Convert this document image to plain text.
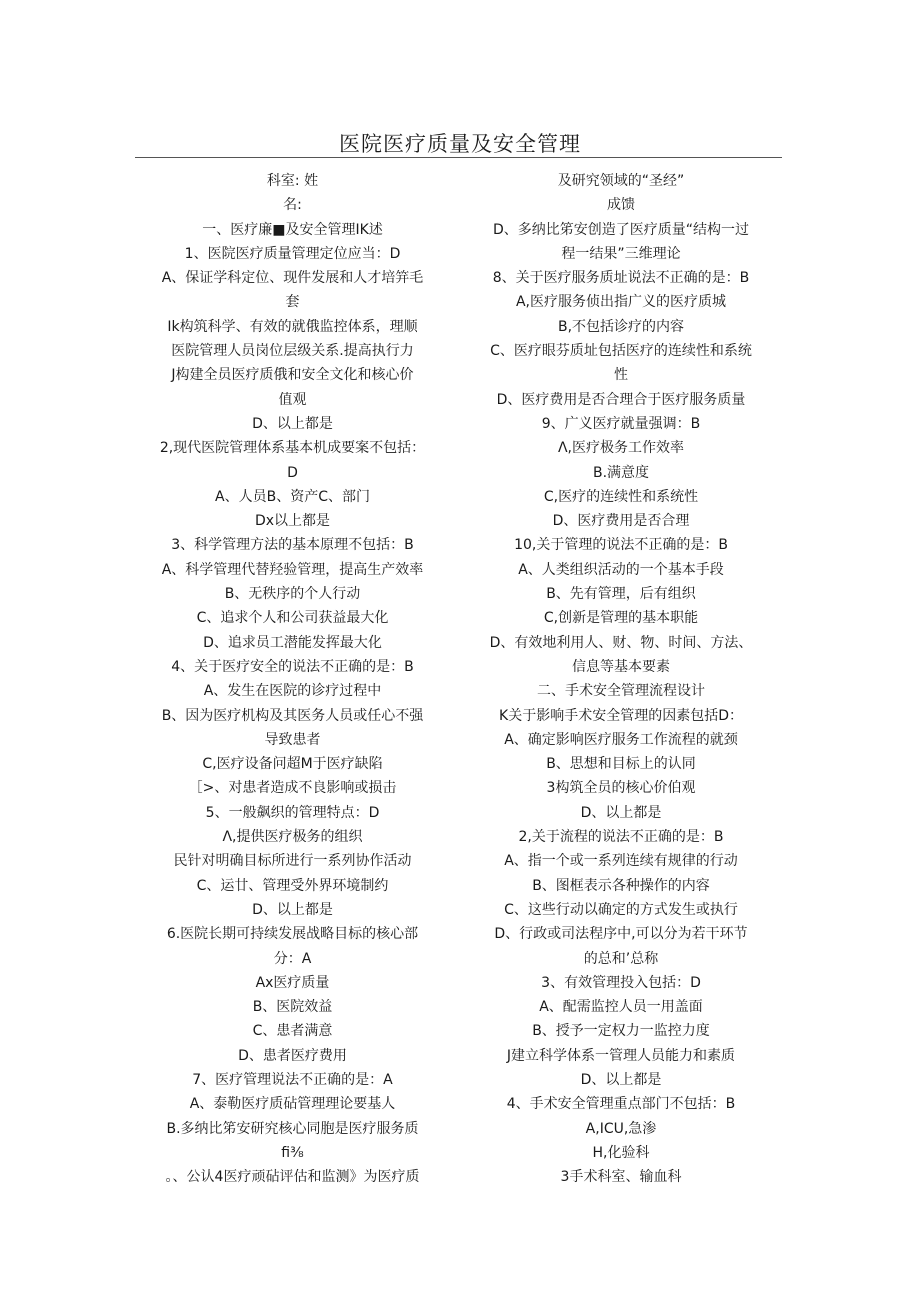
医院医疗质量及安全管理
科室: 姓
名:
一、医疗廉■及安全管理IK述
1、医院医疗质量管理定位应当：D
A、保证学科定位、现件发展和人才培笄毛
套
Ik构筑科学、有效的就俄监控体系，理顺
医院管理人员岗位层级关系.提高执行力
J构建全员医疗质俄和安全文化和核心价
值观
D、以上都是
2,现代医院管理体系基本机成要案不包括：
D
A、人员B、资产C、部门
Dx以上都是
3、科学管理方法的基本原理不包括：B
A、科学管理代替羟验管理，提高生产效率
B、无秩序的个人行动
C、追求个人和公司获益最大化
D、追求员工潜能发挥最大化
4、关于医疗安全的说法不正确的是：B
A、发生在医院的诊疗过程中
B、因为医疗机构及其医务人员或任心不强
导致患者
C,医疗设备问超M于医疗缺陷
［>、对患者造成不良影响或损击
5、一般飙织的管理特点：D
Λ,提供医疗极务的组织
民针对明确目标所进行一系列协作活动
C、运廿、管理受外界环境制约
D、以上都是
6.医院长期可持续发展战略目标的核心部
分：A
Ax医疗质量
B、医院效益
C、患者满意
D、患者医疗费用
7、医疗管理说法不正确的是：A
A、泰勒医疗质砧管理理论要基人
B.多纳比笫安研究核心同胞是医疗服务质
fi⅜
。、公认4医疗顽砧评估和监测》为医疗质
及研究领域的“圣经”
成馈
D、多纳比笫安创造了医疗质量“结构一过
程一结果”三维理论
8、关于医疗服务质址说法不正确的是：B
A,医疗服务侦出指广义的医疗质城
B,不包括诊疗的内容
C、医疗眼芬质址包括医疗的连续性和系统
性
D、医疗费用是否合理合于医疗服务质量
9、广义医疗就量强调：B
Λ,医疗极务工作效率
B.满意度
C,医疗的连续性和系统性
D、医疗费用是否合理
10,关于管理的说法不正确的是：B
A、人类组织活动的一个基本手段
B、先有管理，后有组织
C,创新是管理的基本职能
D、有效地利用人、财、物、时间、方法、
信息等基本要素
二、手术安全管理流程设计
K关于影响手术安全管理的因素包括D：
A、确定影响医疗服务工作流程的就颈
B、思想和目标上的认同
3构筑全员的核心价伯观
D、以上都是
2,关于流程的说法不正确的是：B
A、指一个或一系列连续有规律的行动
B、图框表示各种操作的内容
C、这些行动以确定的方式发生或执行
D、行政或司法程序中,可以分为若干环节
的总和’总称
3、有效管理投入包括：D
A、配需监控人员一用盖面
B、授予一定权力一监控力度
J建立科学体系一管理人员能力和素质
D、以上都是
4、手术安全管理重点部门不包括：B
A,ICU,急渗
H,化验科
3手术科室、输血科
